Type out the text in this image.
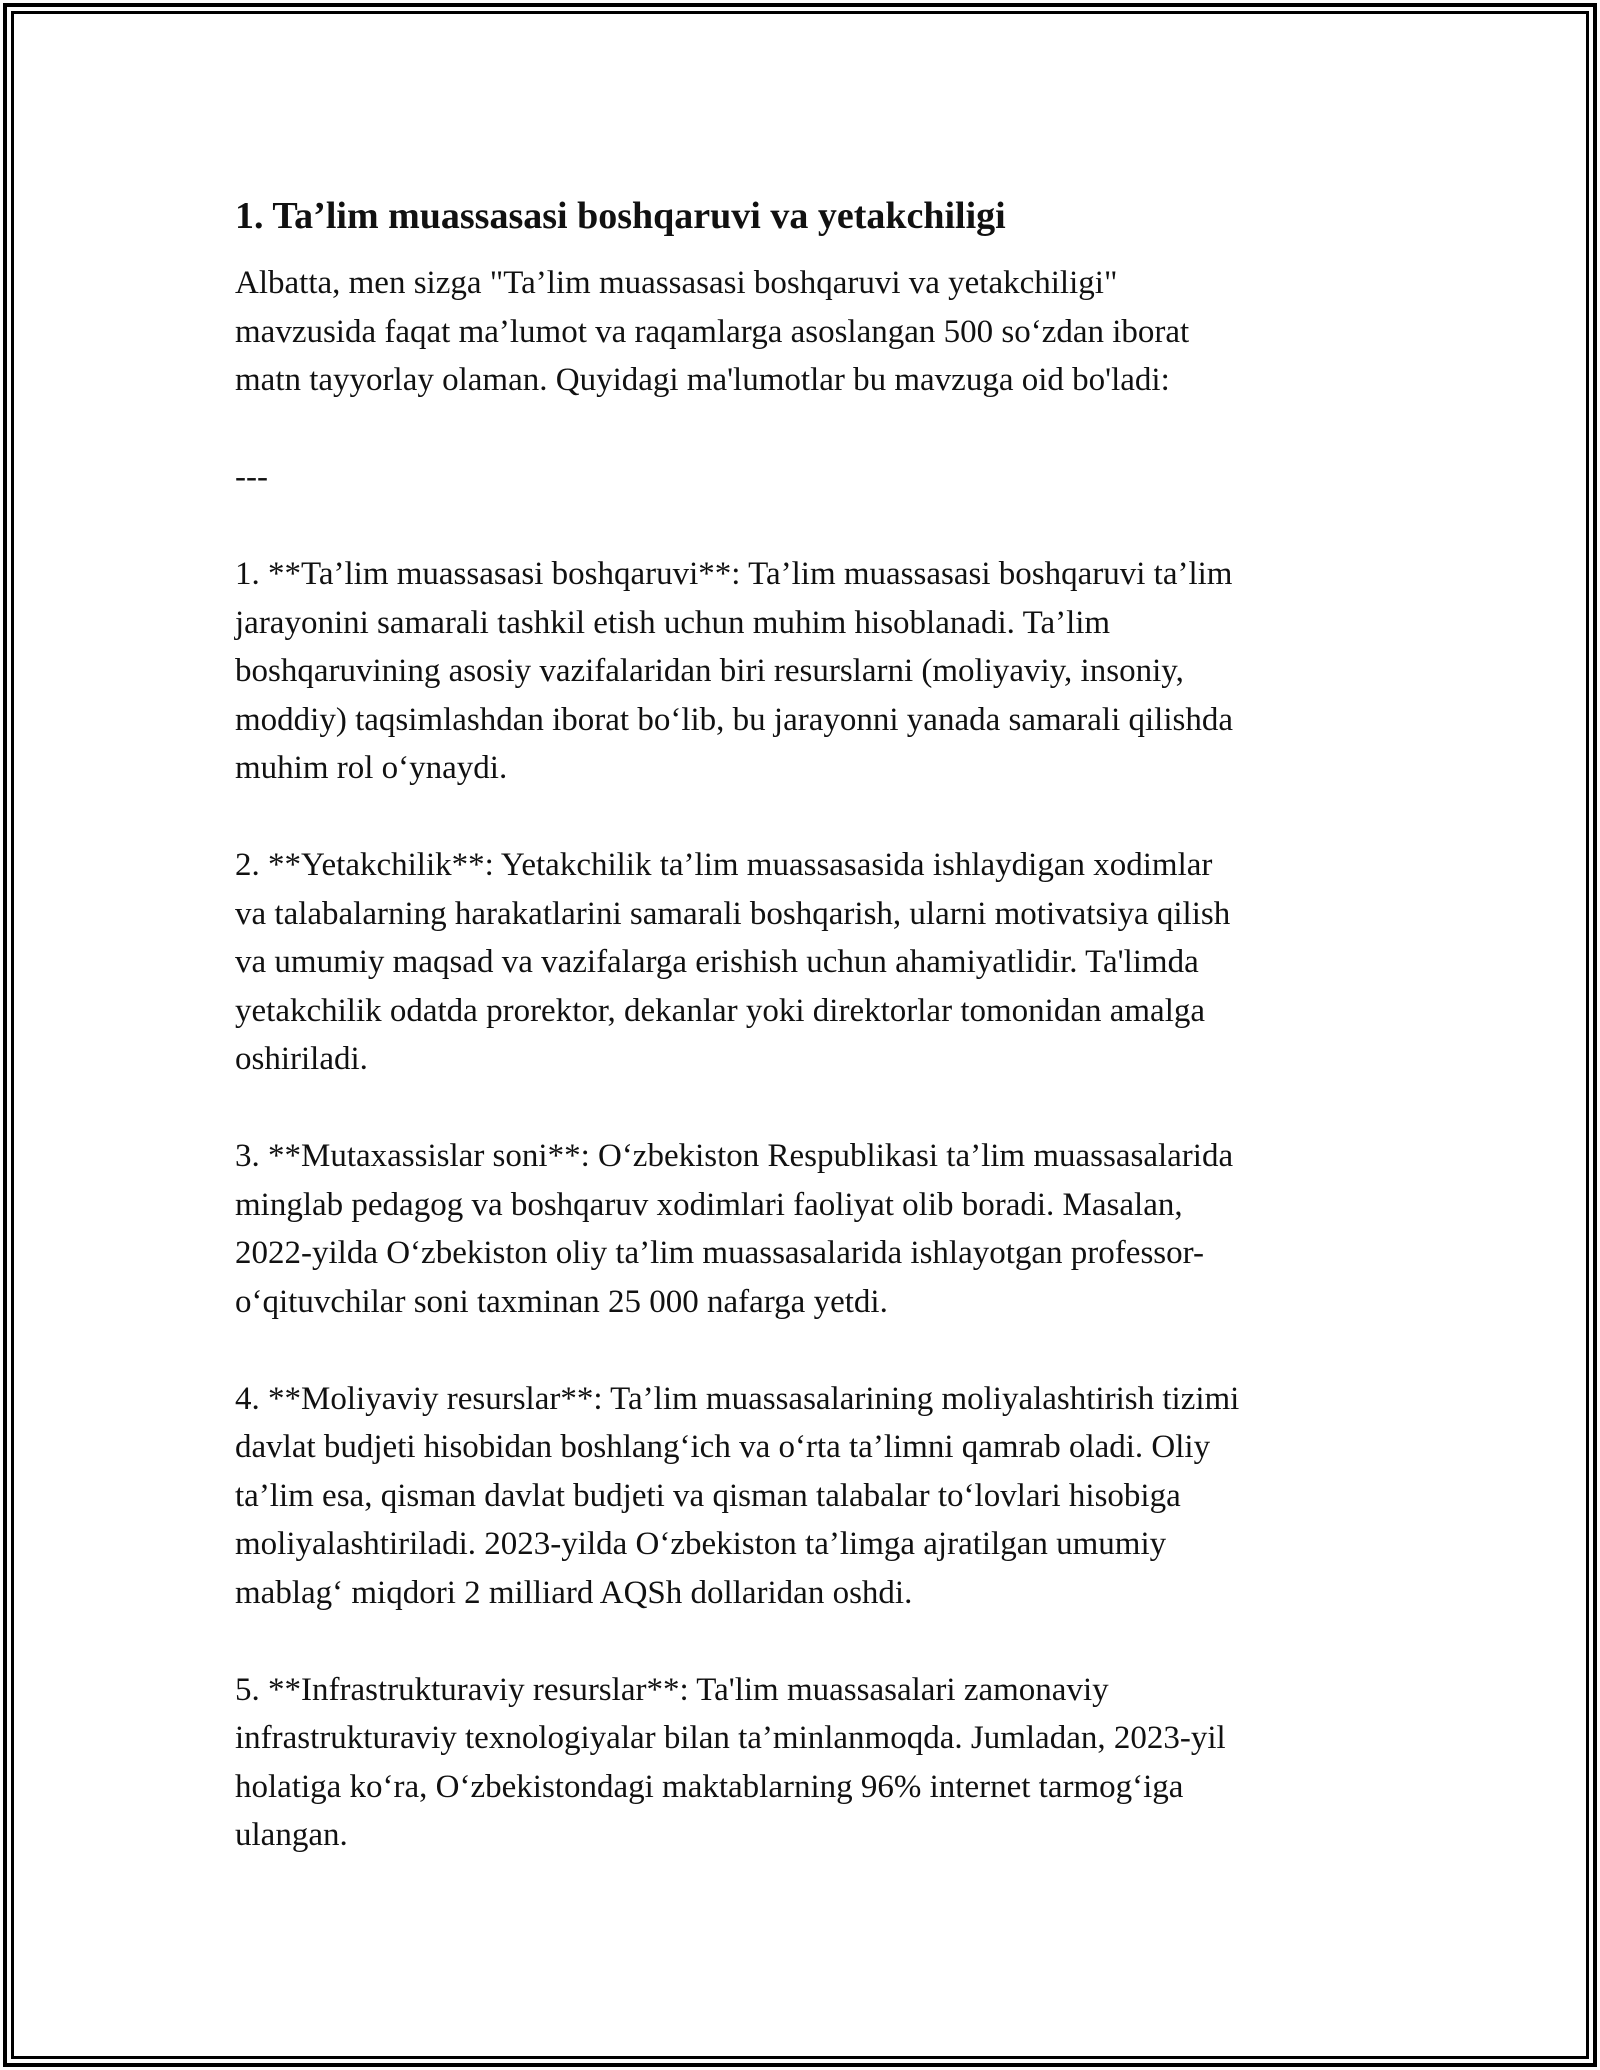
1. Ta’lim muassasasi boshqaruvi va yetakchiligi

Albatta, men sizga "Ta’lim muassasasi boshqaruvi va yetakchiligi"
mavzusida faqat ma’lumot va raqamlarga asoslangan 500 so‘zdan iborat
matn tayyorlay olaman. Quyidagi ma'lumotlar bu mavzuga oid bo'ladi:

---

1. **Ta’lim muassasasi boshqaruvi**: Ta’lim muassasasi boshqaruvi ta’lim
jarayonini samarali tashkil etish uchun muhim hisoblanadi. Ta’lim
boshqaruvining asosiy vazifalaridan biri resurslarni (moliyaviy, insoniy,
moddiy) taqsimlashdan iborat bo‘lib, bu jarayonni yanada samarali qilishda
muhim rol o‘ynaydi.

2. **Yetakchilik**: Yetakchilik ta’lim muassasasida ishlaydigan xodimlar
va talabalarning harakatlarini samarali boshqarish, ularni motivatsiya qilish
va umumiy maqsad va vazifalarga erishish uchun ahamiyatlidir. Ta'limda
yetakchilik odatda prorektor, dekanlar yoki direktorlar tomonidan amalga
oshiriladi.

3. **Mutaxassislar soni**: O‘zbekiston Respublikasi ta’lim muassasalarida
minglab pedagog va boshqaruv xodimlari faoliyat olib boradi. Masalan,
2022-yilda O‘zbekiston oliy ta’lim muassasalarida ishlayotgan professor-
o‘qituvchilar soni taxminan 25 000 nafarga yetdi.

4. **Moliyaviy resurslar**: Ta’lim muassasalarining moliyalashtirish tizimi
davlat budjeti hisobidan boshlang‘ich va o‘rta ta’limni qamrab oladi. Oliy
ta’lim esa, qisman davlat budjeti va qisman talabalar to‘lovlari hisobiga
moliyalashtiriladi. 2023-yilda O‘zbekiston ta’limga ajratilgan umumiy
mablag‘ miqdori 2 milliard AQSh dollaridan oshdi.

5. **Infrastrukturaviy resurslar**: Ta'lim muassasalari zamonaviy
infrastrukturaviy texnologiyalar bilan ta’minlanmoqda. Jumladan, 2023-yil
holatiga ko‘ra, O‘zbekistondagi maktablarning 96% internet tarmog‘iga
ulangan.
